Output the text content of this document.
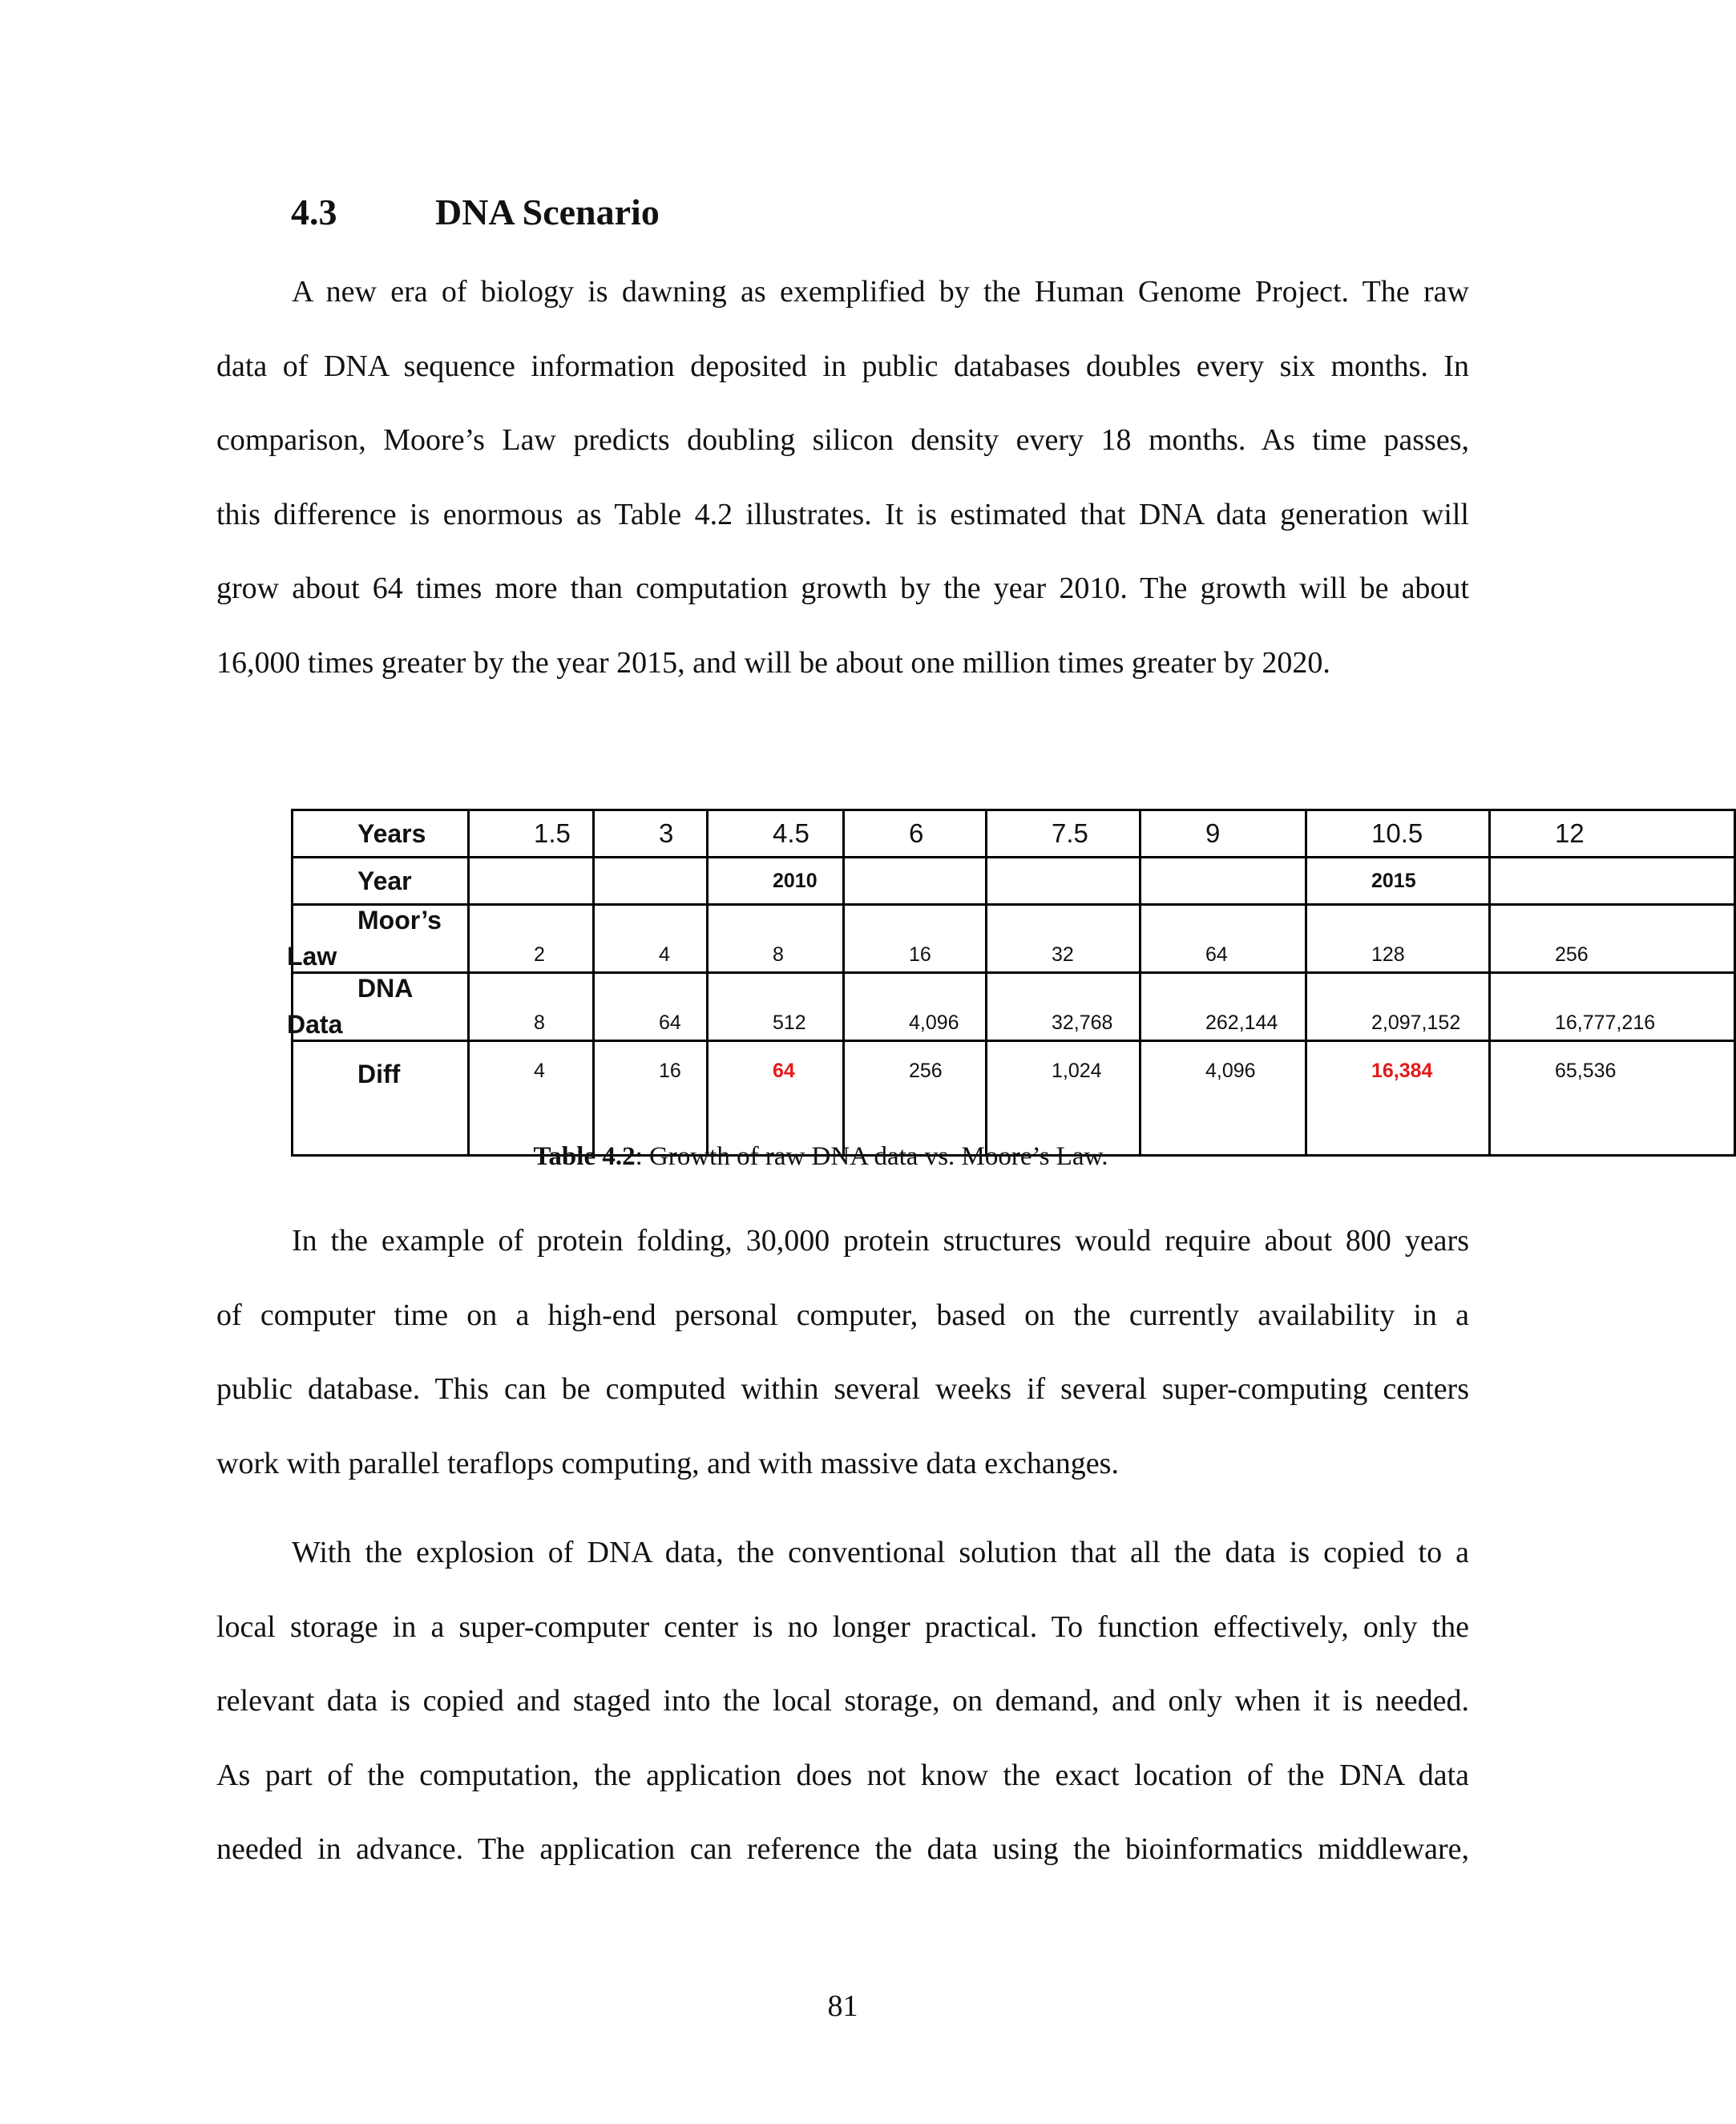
4.3	DNA Scenario
A new era of biology is dawning as exemplified by the Human Genome Project. The raw
data of DNA sequence information deposited in public databases doubles every six months. In
comparison, Moore’s Law predicts doubling silicon density every 18 months. As time passes,
this difference is enormous as Table 4.2 illustrates. It is estimated that DNA data generation will
grow about 64 times more than computation growth by the year 2010. The growth will be about
16,000 times greater by the year 2015, and will be about one million times greater by 2020.
Years	1.5	3	4.5	6	7.5	9	10.5	12
Year			2010				2015	
Moor’s
Law	2	4	8	16	32	64	128	256
DNA
Data	8	64	512	4,096	32,768	262,144	2,097,152	16,777,216
Diff	4	16	64	256	1,024	4,096	16,384	65,536
Table 4.2: Growth of raw DNA data vs. Moore’s Law.
In the example of protein folding, 30,000 protein structures would require about 800 years
of computer time on a high-end personal computer, based on the currently availability in a
public database. This can be computed within several weeks if several super-computing centers
work with parallel teraflops computing, and with massive data exchanges.
With the explosion of DNA data, the conventional solution that all the data is copied to a
local storage in a super-computer center is no longer practical. To function effectively, only the
relevant data is copied and staged into the local storage, on demand, and only when it is needed.
As part of the computation, the application does not know the exact location of the DNA data
needed in advance. The application can reference the data using the bioinformatics middleware,
81
